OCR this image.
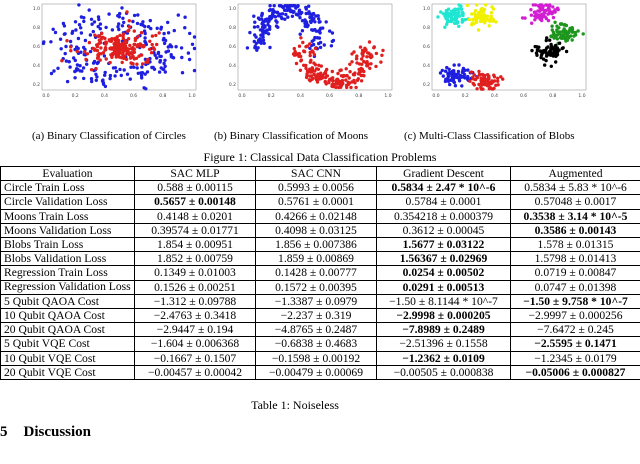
0.0	0.2	0.4	0.6	0.8	1.0
1.0
0.8
0.6
0.4
0.2
0.0	0.2	0.4	0.6	0.8	1.0
1.0
0.8
0.6
0.4
0.2
0.0	0.2	0.4	0.6	0.8	1.0
1.0
0.8
0.6
0.4
0.2
(a) Binary Classification of Circles	(b) Binary Classification of Moons	(c) Multi-Class Classification of Blobs
Figure 1: Classical Data Classification Problems
Evaluation	SAC MLP	SAC CNN	Gradient Descent	Augmented
Circle Train Loss	0.588 ± 0.00115	0.5993 ± 0.0056	0.5834 ± 2.47 * 10^-6	0.5834 ± 5.83 * 10^-6
Circle Validation Loss	0.5657 ± 0.00148	0.5761 ± 0.0001	0.5784 ± 0.0001	0.57048 ± 0.0017
Moons Train Loss	0.4148 ± 0.0201	0.4266 ± 0.02148	0.354218 ± 0.000379	0.3538 ± 3.14 * 10^-5
Moons Validation Loss	0.39574 ± 0.01771	0.4098 ± 0.03125	0.3612 ± 0.00045	0.3586 ± 0.00143
Blobs Train Loss	1.854 ± 0.00951	1.856 ± 0.007386	1.5677 ± 0.03122	1.578 ± 0.01315
Blobs Validation Loss	1.852 ± 0.00759	1.859 ± 0.00869	1.56367 ± 0.02969	1.5798 ± 0.01413
Regression Train Loss	0.1349 ± 0.01003	0.1428 ± 0.00777	0.0254 ± 0.00502	0.0719 ± 0.00847
Regression Validation Loss	0.1526 ± 0.00251	0.1572 ± 0.00395	0.0291 ± 0.00513	0.0747 ± 0.01398
5 Qubit QAOA Cost	−1.312 ± 0.09788	−1.3387 ± 0.0979	−1.50 ± 8.1144 * 10^-7	−1.50 ± 9.758 * 10^-7
10 Qubit QAOA Cost	−2.4763 ± 0.3418	−2.237 ± 0.319	−2.9998 ± 0.000205	−2.9997 ± 0.000256
20 Qubit QAOA Cost	−2.9447 ± 0.194	−4.8765 ± 0.2487	−7.8989 ± 0.2489	−7.6472 ± 0.245
5 Qubit VQE Cost	−1.604 ± 0.006368	−0.6838 ± 0.4683	−2.51396 ± 0.1558	−2.5595 ± 0.1471
10 Qubit VQE Cost	−0.1667 ± 0.1507	−0.1598 ± 0.00192	−1.2362 ± 0.0109	−1.2345 ± 0.0179
20 Qubit VQE Cost	−0.00457 ± 0.00042	−0.00479 ± 0.00069	−0.00505 ± 0.000838	−0.05006 ± 0.000827
Table 1: Noiseless
5 Discussion
